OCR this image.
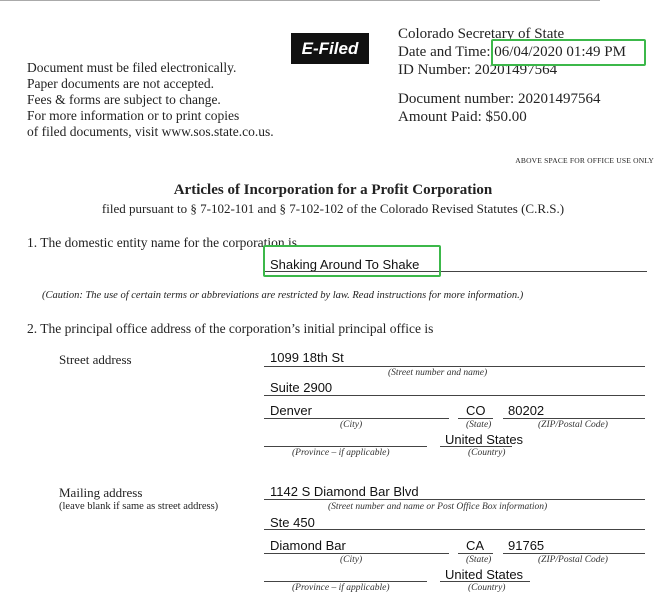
Document must be filed electronically.
Paper documents are not accepted.
Fees & forms are subject to change.
For more information or to print copies
of filed documents, visit www.sos.state.co.us.
E-Filed
Colorado Secretary of State
Date and Time: 06/04/2020 01:49 PM
ID Number: 20201497564
Document number: 20201497564
Amount Paid: $50.00
ABOVE SPACE FOR OFFICE USE ONLY
Articles of Incorporation for a Profit Corporation
filed pursuant to § 7-102-101 and § 7-102-102 of the Colorado Revised Statutes (C.R.S.)
1. The domestic entity name for the corporation is
Shaking Around To Shake
(Caution: The use of certain terms or abbreviations are restricted by law. Read instructions for more information.)
2. The principal office address of the corporation’s initial principal office is
Street address	1099 18th St
(Street number and name)
Suite 2900
Denver
(City)
CO
(State)
80202
(ZIP/Postal Code)
(Province – if applicable)
United States
(Country)
Mailing address
(leave blank if same as street address)
1142 S Diamond Bar Blvd
(Street number and name or Post Office Box information)
Ste 450
Diamond Bar
(City)
CA
(State)
91765
(ZIP/Postal Code)
(Province – if applicable)
United States
(Country)
